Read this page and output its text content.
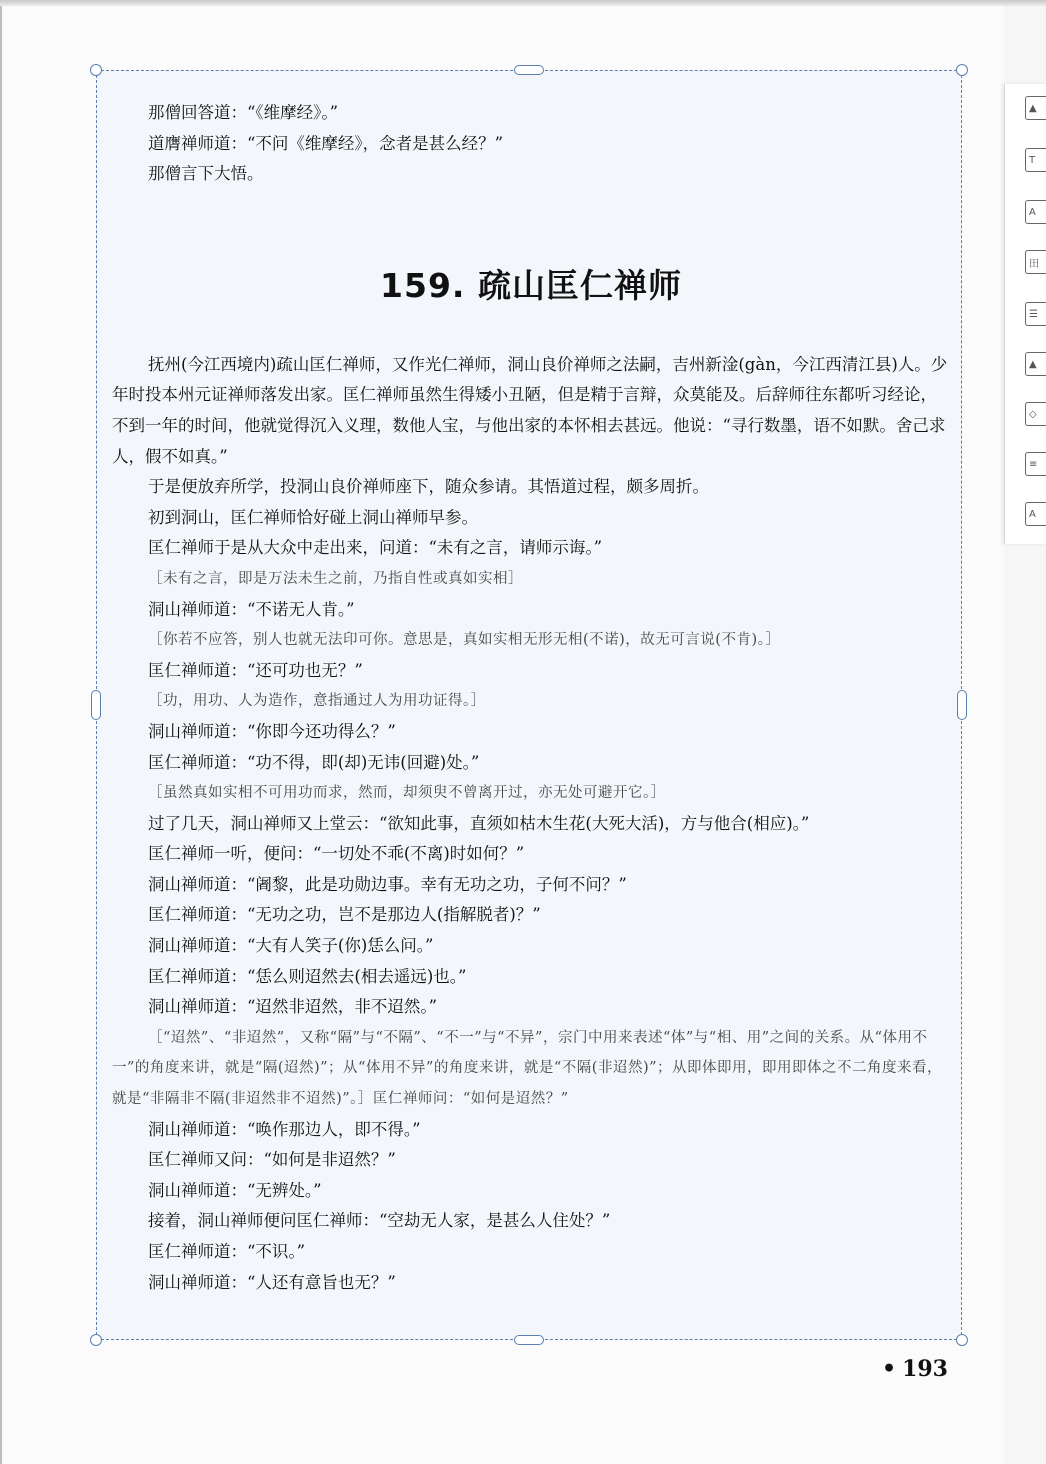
那僧回答道：“《维摩经》。”

道膺禅师道：“不问《维摩经》，念者是甚么经？”

那僧言下大悟。

159. 疏山匡仁禅师

抚州(今江西境内)疏山匡仁禅师，又作光仁禅师，洞山良价禅师之法嗣，吉州新淦(gàn，今江西清江县)人。少年时投本州元证禅师落发出家。匡仁禅师虽然生得矮小丑陋，但是精于言辩，众莫能及。后辞师往东都听习经论，不到一年的时间，他就觉得沉入义理，数他人宝，与他出家的本怀相去甚远。他说：“寻行数墨，语不如默。舍己求人，假不如真。”

于是便放弃所学，投洞山良价禅师座下，随众参请。其悟道过程，颇多周折。

初到洞山，匡仁禅师恰好碰上洞山禅师早参。

匡仁禅师于是从大众中走出来，问道：“未有之言，请师示诲。”

［未有之言，即是万法未生之前，乃指自性或真如实相］

洞山禅师道：“不诺无人肯。”

［你若不应答，别人也就无法印可你。意思是，真如实相无形无相(不诺)，故无可言说(不肯)。］

匡仁禅师道：“还可功也无？”

［功，用功、人为造作，意指通过人为用功证得。］

洞山禅师道：“你即今还功得么？”

匡仁禅师道：“功不得，即(却)无讳(回避)处。”

［虽然真如实相不可用功而求，然而，却须臾不曾离开过，亦无处可避开它。］

过了几天，洞山禅师又上堂云：“欲知此事，直须如枯木生花(大死大活)，方与他合(相应)。”

匡仁禅师一听，便问：“一切处不乖(不离)时如何？”

洞山禅师道：“阇黎，此是功勋边事。幸有无功之功，子何不问？”

匡仁禅师道：“无功之功，岂不是那边人(指解脱者)？”

洞山禅师道：“大有人笑子(你)恁么问。”

匡仁禅师道：“恁么则迢然去(相去遥远)也。”

洞山禅师道：“迢然非迢然，非不迢然。”

［“迢然”、“非迢然”，又称“隔”与“不隔”、“不一”与“不异”，宗门中用来表述“体”与“相、用”之间的关系。从“体用不一”的角度来讲，就是“隔(迢然)”；从“体用不异”的角度来讲，就是“不隔(非迢然)”；从即体即用，即用即体之不二角度来看，就是“非隔非不隔(非迢然非不迢然)”。］匡仁禅师问：“如何是迢然？”

洞山禅师道：“唤作那边人，即不得。”

匡仁禅师又问：“如何是非迢然？”

洞山禅师道：“无辨处。”

接着，洞山禅师便问匡仁禅师：“空劫无人家，是甚么人住处？”

匡仁禅师道：“不识。”

洞山禅师道：“人还有意旨也无？”

• 193
▲
T
A
田
☰
▲
◇
≡
A
